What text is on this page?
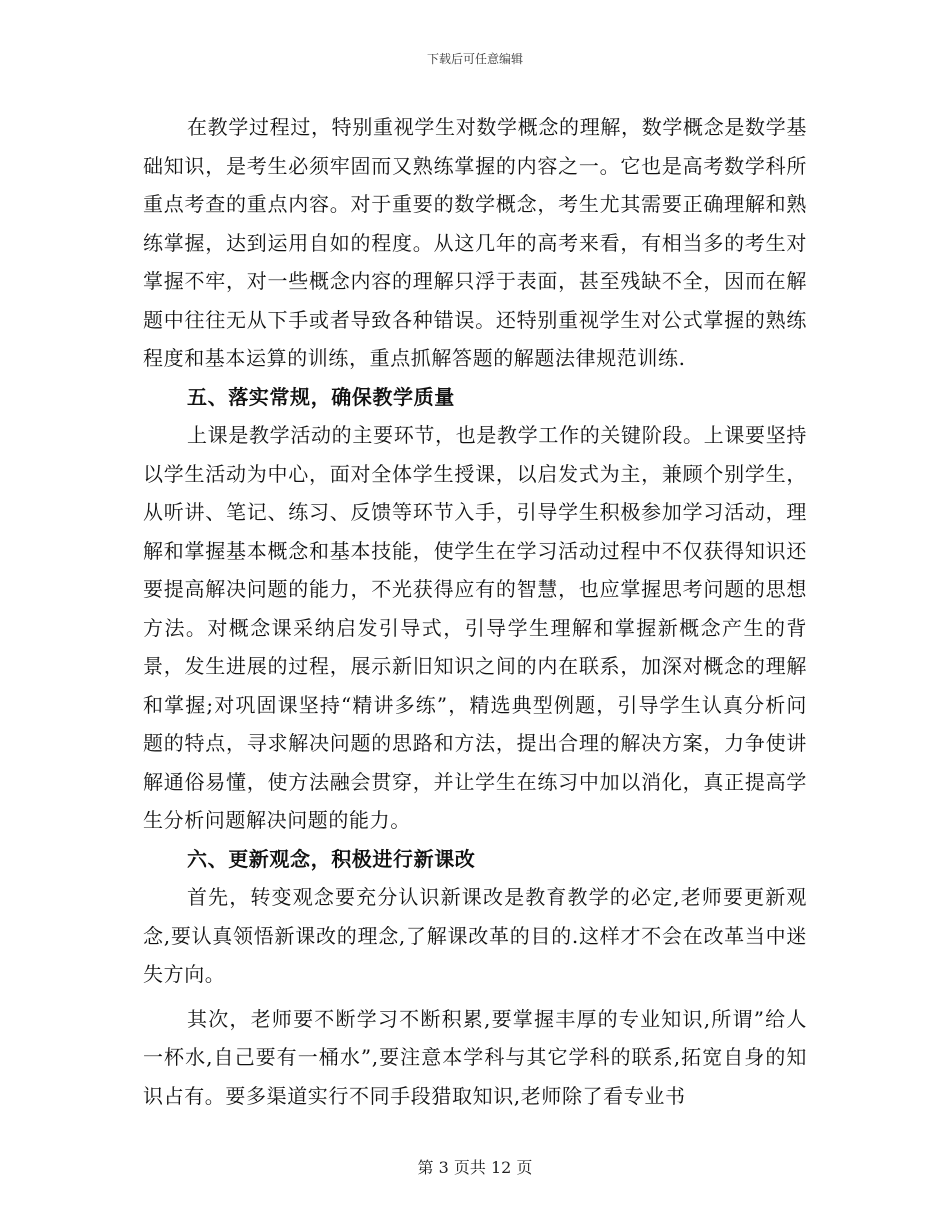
下载后可任意编辑

在教学过程过，特别重视学生对数学概念的理解，数学概念是数学基础知识，是考生必须牢固而又熟练掌握的内容之一。它也是高考数学科所重点考查的重点内容。对于重要的数学概念，考生尤其需要正确理解和熟练掌握，达到运用自如的程度。从这几年的高考来看，有相当多的考生对掌握不牢，对一些概念内容的理解只浮于表面，甚至残缺不全，因而在解题中往往无从下手或者导致各种错误。还特别重视学生对公式掌握的熟练程度和基本运算的训练，重点抓解答题的解题法律规范训练.

五、落实常规，确保教学质量

上课是教学活动的主要环节，也是教学工作的关键阶段。上课要坚持以学生活动为中心，面对全体学生授课，以启发式为主，兼顾个别学生，从听讲、笔记、练习、反馈等环节入手，引导学生积极参加学习活动，理解和掌握基本概念和基本技能，使学生在学习活动过程中不仅获得知识还要提高解决问题的能力，不光获得应有的智慧，也应掌握思考问题的思想方法。对概念课采纳启发引导式，引导学生理解和掌握新概念产生的背景，发生进展的过程，展示新旧知识之间的内在联系，加深对概念的理解和掌握;对巩固课坚持“精讲多练”，精选典型例题，引导学生认真分析问题的特点，寻求解决问题的思路和方法，提出合理的解决方案，力争使讲解通俗易懂，使方法融会贯穿，并让学生在练习中加以消化，真正提高学生分析问题解决问题的能力。

六、更新观念，积极进行新课改

首先，转变观念要充分认识新课改是教育教学的必定,老师要更新观念,要认真领悟新课改的理念,了解课改革的目的.这样才不会在改革当中迷失方向。

其次，老师要不断学习不断积累,要掌握丰厚的专业知识,所谓”给人一杯水,自己要有一桶水”,要注意本学科与其它学科的联系,拓宽自身的知识占有。要多渠道实行不同手段猎取知识,老师除了看专业书

第 3 页共 12 页
